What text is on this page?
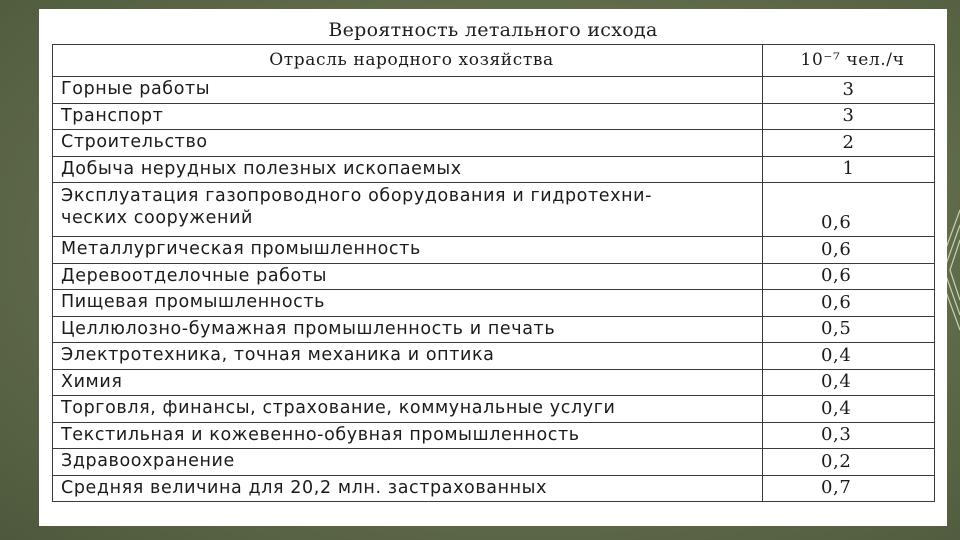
Вероятность летального исхода
Отрасль народного хозяйства	10⁻⁷ чел./ч
Горные работы	3
Транспорт	3
Строительство	2
Добыча нерудных полезных ископаемых	1
Эксплуатация газопроводного оборудования и гидротехни-
ческих сооружений	0,6
Металлургическая промышленность	0,6
Деревоотделочные работы	0,6
Пищевая промышленность	0,6
Целлюлозно-бумажная промышленность и печать	0,5
Электротехника, точная механика и оптика	0,4
Химия	0,4
Торговля, финансы, страхование, коммунальные услуги	0,4
Текстильная и кожевенно-обувная промышленность	0,3
Здравоохранение	0,2
Средняя величина для 20,2 млн. застрахованных	0,7
